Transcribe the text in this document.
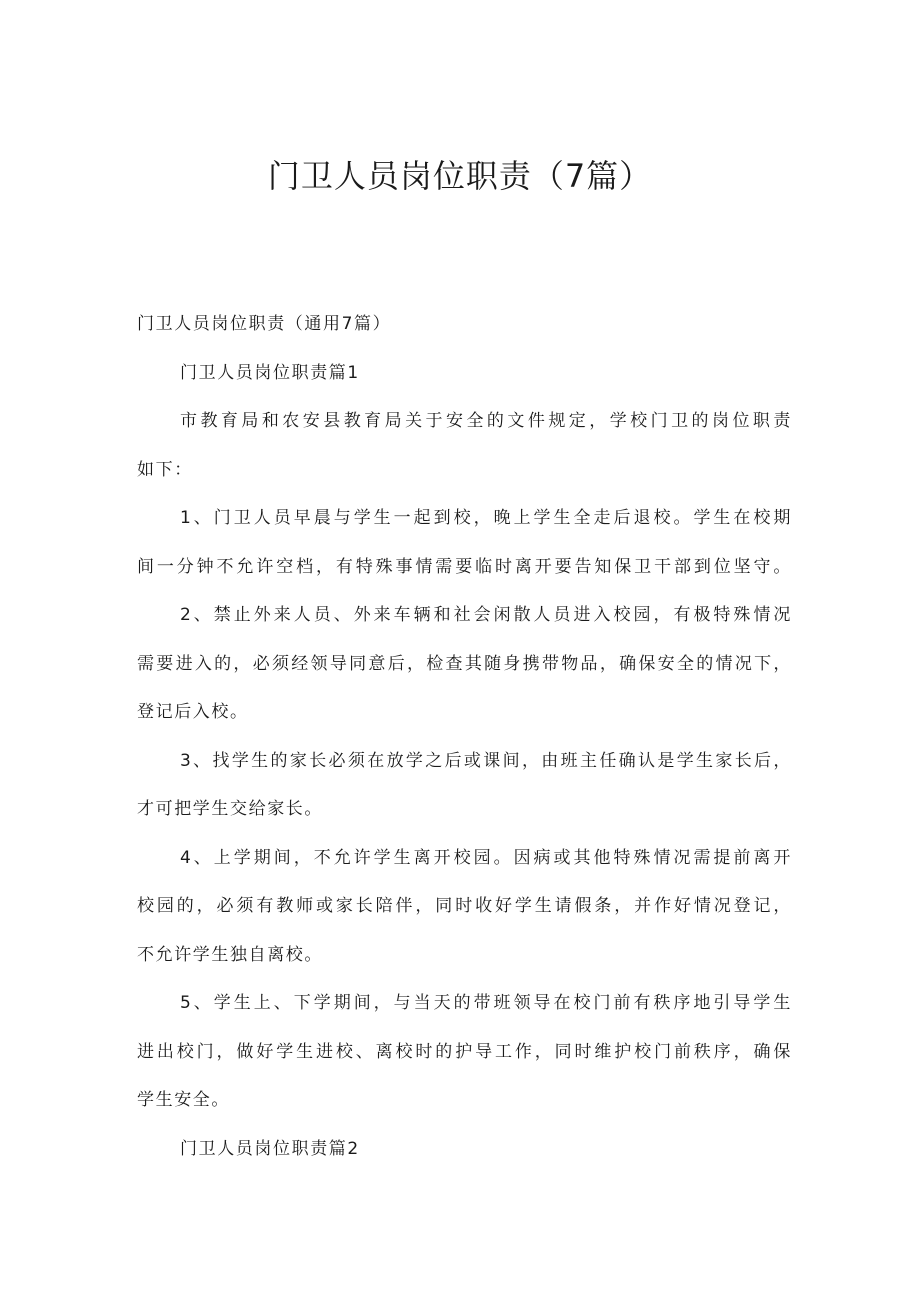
门卫人员岗位职责（7篇）
门卫人员岗位职责（通用7篇）
门卫人员岗位职责篇1
市教育局和农安县教育局关于安全的文件规定，学校门卫的岗位职责
如下：
1、门卫人员早晨与学生一起到校，晚上学生全走后退校。学生在校期
间一分钟不允许空档，有特殊事情需要临时离开要告知保卫干部到位坚守。
2、禁止外来人员、外来车辆和社会闲散人员进入校园，有极特殊情况
需要进入的，必须经领导同意后，检查其随身携带物品，确保安全的情况下，
登记后入校。
3、找学生的家长必须在放学之后或课间，由班主任确认是学生家长后，
才可把学生交给家长。
4、上学期间，不允许学生离开校园。因病或其他特殊情况需提前离开
校园的，必须有教师或家长陪伴，同时收好学生请假条，并作好情况登记，
不允许学生独自离校。
5、学生上、下学期间，与当天的带班领导在校门前有秩序地引导学生
进出校门，做好学生进校、离校时的护导工作，同时维护校门前秩序，确保
学生安全。
门卫人员岗位职责篇2
